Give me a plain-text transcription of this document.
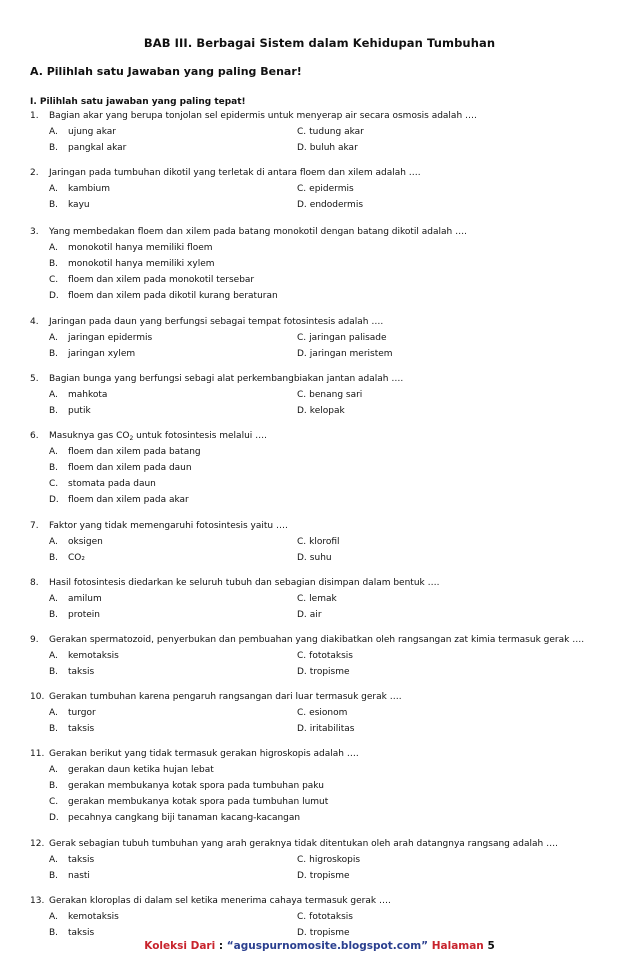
BAB III. Berbagai Sistem dalam Kehidupan Tumbuhan
A. Pilihlah satu Jawaban yang paling Benar!
I. Pilihlah satu jawaban yang paling tepat!
1.	Bagian akar yang berupa tonjolan sel epidermis untuk menyerap air secara osmosis adalah ….
A.	ujung akar	C. tudung akar
B.	pangkal akar	D. buluh akar
2.	Jaringan pada tumbuhan dikotil yang terletak di antara floem dan xilem adalah ….
A.	kambium	C. epidermis
B.	kayu	D. endodermis
3.	Yang membedakan floem dan xilem pada batang monokotil dengan batang dikotil adalah ….
A.	monokotil hanya memiliki floem
B.	monokotil hanya memiliki xylem
C.	floem dan xilem pada monokotil tersebar
D.	floem dan xilem pada dikotil kurang beraturan
4.	Jaringan pada daun yang berfungsi sebagai tempat fotosintesis adalah ….
A.	jaringan epidermis	C. jaringan palisade
B.	jaringan xylem	D. jaringan meristem
5.	Bagian bunga yang berfungsi sebagi alat perkembangbiakan jantan adalah ….
A.	mahkota	C. benang sari
B.	putik	D. kelopak
6.	Masuknya gas $CO_2$ untuk fotosintesis melalui ….
A.	floem dan xilem pada batang
B.	floem dan xilem pada daun
C.	stomata pada daun
D.	floem dan xilem pada akar
7.	Faktor yang tidak memengaruhi fotosintesis yaitu ….
A.	oksigen	C. klorofil
B.	CO₂	D. suhu
8.	Hasil fotosintesis diedarkan ke seluruh tubuh dan sebagian disimpan dalam bentuk ….
A.	amilum	C. lemak
B.	protein	D. air
9.	Gerakan spermatozoid, penyerbukan dan pembuahan yang diakibatkan oleh rangsangan zat kimia termasuk gerak ….
A.	kemotaksis	C. fototaksis
B.	taksis	D. tropisme
10. Gerakan tumbuhan karena pengaruh rangsangan dari luar termasuk gerak ….
A.	turgor	C. esionom
B.	taksis	D. iritabilitas
11. Gerakan berikut yang tidak termasuk gerakan higroskopis adalah ….
A.	gerakan daun ketika hujan lebat
B.	gerakan membukanya kotak spora pada tumbuhan paku
C.	gerakan membukanya kotak spora pada tumbuhan lumut
D.	pecahnya cangkang biji tanaman kacang-kacangan
12. Gerak sebagian tubuh tumbuhan yang arah geraknya tidak ditentukan oleh arah datangnya rangsang adalah ….
A.	taksis	C. higroskopis
B.	nasti	D. tropisme
13. Gerakan kloroplas di dalam sel ketika menerima cahaya termasuk gerak ….
A.	kemotaksis	C. fototaksis
B.	taksis	D. tropisme
Koleksi Dari : “aguspurnomosite.blogspot.com” Halaman 5
